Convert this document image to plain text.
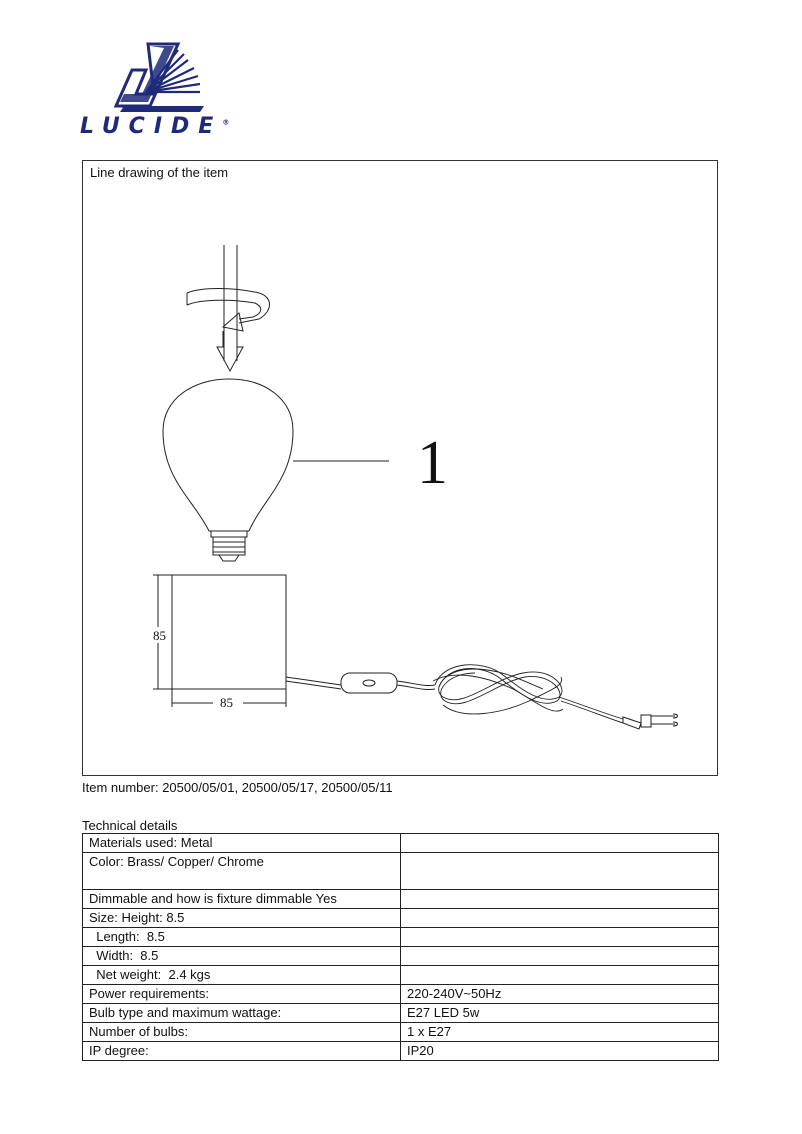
LUCIDE®
Line drawing of the item
1
85
85
Item number: 20500/05/01, 20500/05/17, 20500/05/11
Technical details
Materials used: Metal	
Color: Brass/ Copper/ Chrome	
Dimmable and how is fixture dimmable Yes	
Size: Height: 8.5	
Length:  8.5	
Width:  8.5	
Net weight:  2.4 kgs	
Power requirements:	220-240V~50Hz
Bulb type and maximum wattage:	E27 LED 5w
Number of bulbs:	1 x E27
IP degree:	IP20
